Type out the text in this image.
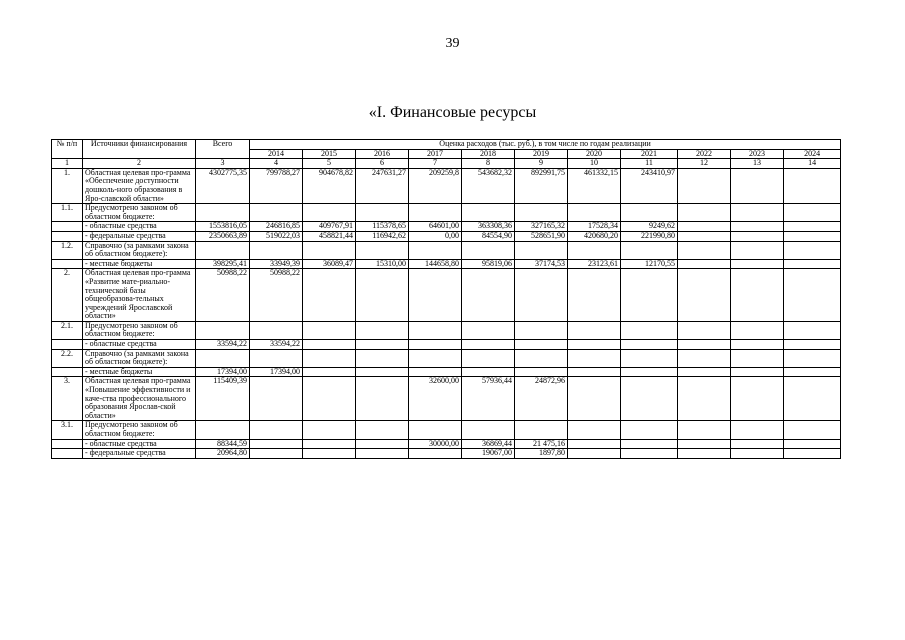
39
«I. Финансовые ресурсы
№ п/п	Источники финансирования	Всего	Оценка расходов (тыс. руб.), в том числе по годам реализации										
			2014	2015	2016	2017	2018	2019	2020	2021	2022	2023	2024
1	2	3	4	5	6	7	8	9	10	11	12	13	14
1.	Областная целевая про-грамма «Обеспечение доступности дошколь-ного образования в Яро-славской области»	4302775,35	799788,27	904678,82	247631,27	209259,8	543682,32	892991,75	461332,15	243410,97			
1.1.	Предусмотрено законом об областном бюджете:												
	- областные средства	1553816,05	246816,85	409767,91	115378,65	64601,00	363308,36	327165,32	17528,34	9249,62			
	- федеральные средства	2350663,89	519022,03	458821,44	116942,62	0,00	84554,90	528651,90	420680,20	221990,80			
1.2.	Справочно (за рамками закона об областном бюджете):												
	- местные бюджеты	398295,41	33949,39	36089,47	15310,00	144658,80	95819,06	37174,53	23123,61	12170,55			
2.	Областная целевая про-грамма «Развитие мате-риально-технической базы общеобразова-тельных учреждений Ярославской области»	50988,22	50988,22										
2.1.	Предусмотрено законом об областном бюджете:												
	- областные средства	33594,22	33594,22										
2.2.	Справочно (за рамками закона об областном бюджете):												
	- местные бюджеты	17394,00	17394,00										
3.	Областная целевая про-грамма «Повышение эффективности и каче-ства профессионального образования Ярослав-ской области»	115409,39				32600,00	57936,44	24872,96					
3.1.	Предусмотрено законом об областном бюджете:												
	- областные средства	88344,59				30000,00	36869,44	21 475,16					
	- федеральные средства	20964,80					19067,00	1897,80					
